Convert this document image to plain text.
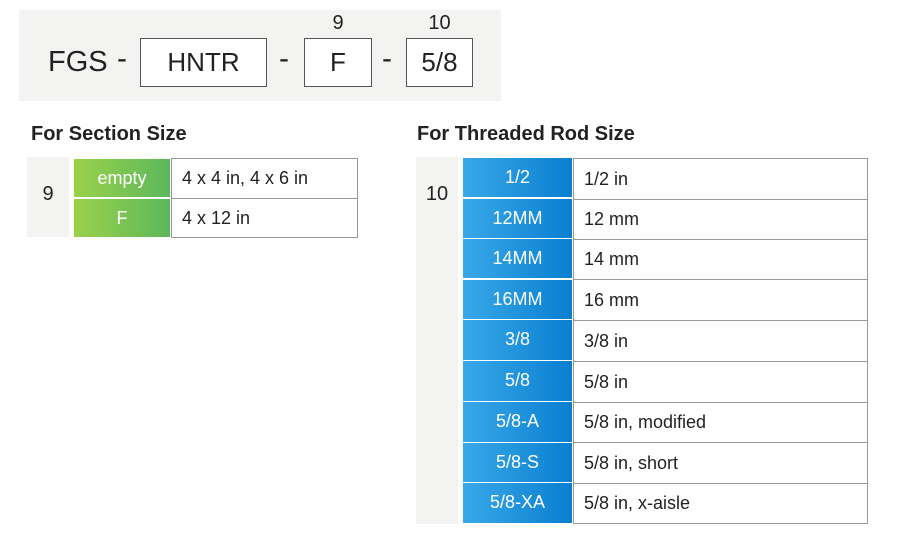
FGS - HNTR -
9
F -
10
5/8
For Section Size
9
empty	4 x 4 in, 4 x 6 in
F	4 x 12 in
For Threaded Rod Size
10
1/2	1/2 in
12MM	12 mm
14MM	14 mm
16MM	16 mm
3/8	3/8 in
5/8	5/8 in
5/8-A	5/8 in, modified
5/8-S	5/8 in, short
5/8-XA	5/8 in, x-aisle
